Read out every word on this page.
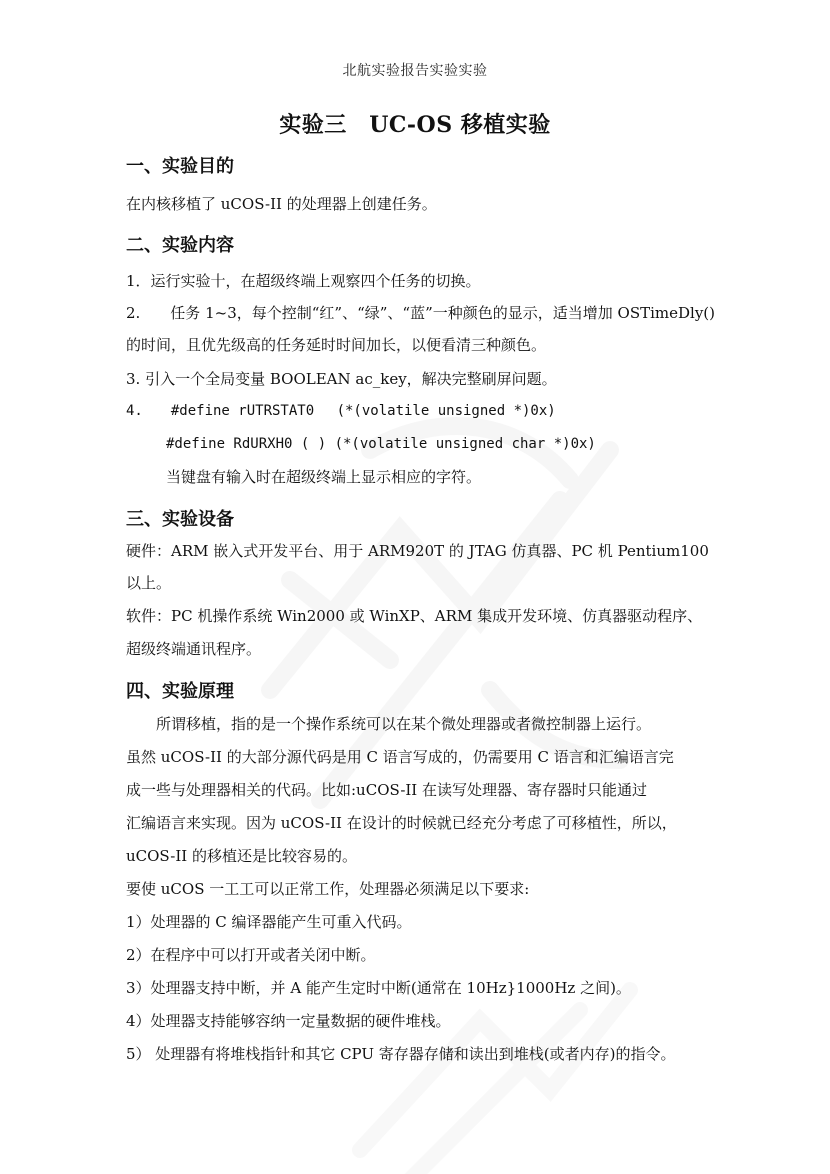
北航实验报告实验实验
实验三　UC-OS 移植实验
一、实验目的
在内核移植了 uCOS-II 的处理器上创建任务。
二、实验内容
1．运行实验十，在超级终端上观察四个任务的切换。
2.　　任务 1~3，每个控制“红”、“绿”、“蓝”一种颜色的显示，适当增加 OSTimeDly()
的时间，且优先级高的任务延时时间加长，以便看清三种颜色。
3. 引入一个全局变量 BOOLEAN ac_key，解决完整刷屏问题。
4.　　#define rUTRSTAT0　 (*(volatile unsigned *)0x)
#define RdURXH0 ( ) (*(volatile unsigned char *)0x)
当键盘有输入时在超级终端上显示相应的字符。
三、实验设备
硬件：ARM 嵌入式开发平台、用于 ARM920T 的 JTAG 仿真器、PC 机 Pentium100
以上。
软件：PC 机操作系统 Win2000 或 WinXP、ARM 集成开发环境、仿真器驱动程序、
超级终端通讯程序。
四、实验原理
　　所谓移植，指的是一个操作系统可以在某个微处理器或者微控制器上运行。
虽然 uCOS-II 的大部分源代码是用 C 语言写成的，仍需要用 C 语言和汇编语言完
成一些与处理器相关的代码。比如:uCOS-II 在读写处理器、寄存器时只能通过
汇编语言来实现。因为 uCOS-II 在设计的时候就已经充分考虑了可移植性，所以，
uCOS-II 的移植还是比较容易的。
要使 uCOS 一工工可以正常工作，处理器必须满足以下要求:
1）处理器的 C 编译器能产生可重入代码。
2）在程序中可以打开或者关闭中断。
3）处理器支持中断，并 A 能产生定时中断(通常在 10Hz}1000Hz 之间)。
4）处理器支持能够容纳一定量数据的硬件堆栈。
5） 处理器有将堆栈指针和其它 CPU 寄存器存储和读出到堆栈(或者内存)的指令。
